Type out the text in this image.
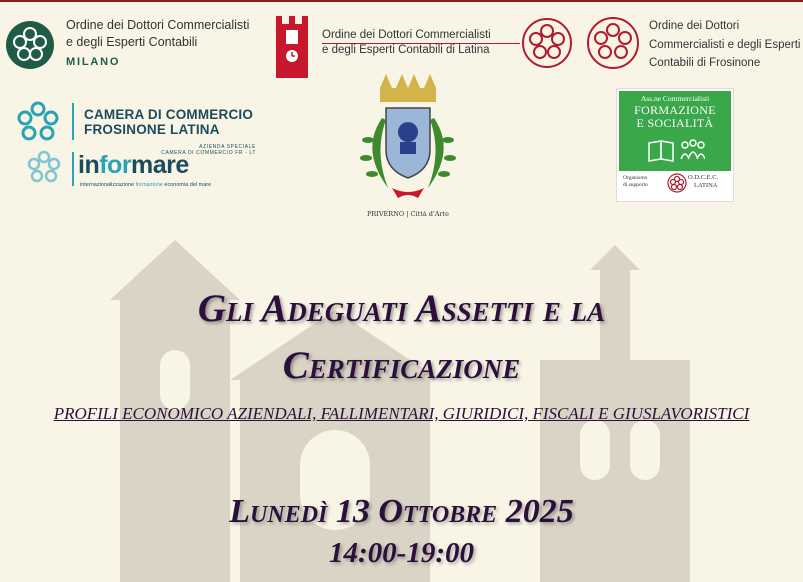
Ordine dei Dottori Commercialisti
e degli Esperti Contabili
MILANO
Ordine dei Dottori Commercialisti
e degli Esperti Contabili di Latina
Ordine dei Dottori
Commercialisti e degli Esperti
Contabili di Frosinone
CAMERA DI COMMERCIO
FROSINONE LATINA
AZIENDA SPECIALE
CAMERA DI COMMERCIO FR - LT
informare
internazionalizzazione formazione economia del mare
PRIVERNO | Città d'Arte
Ass.ne Commercialisti
FORMAZIONE
E SOCIALITÀ
Organismo
di supporto
O.D.C.E.C.
LATINA
Gli Adeguati Assetti e la
Certificazione
PROFILI ECONOMICO AZIENDALI, FALLIMENTARI, GIURIDICI, FISCALI E GIUSLAVORISTICI
Lunedì 13 Ottobre 2025
14:00-19:00
